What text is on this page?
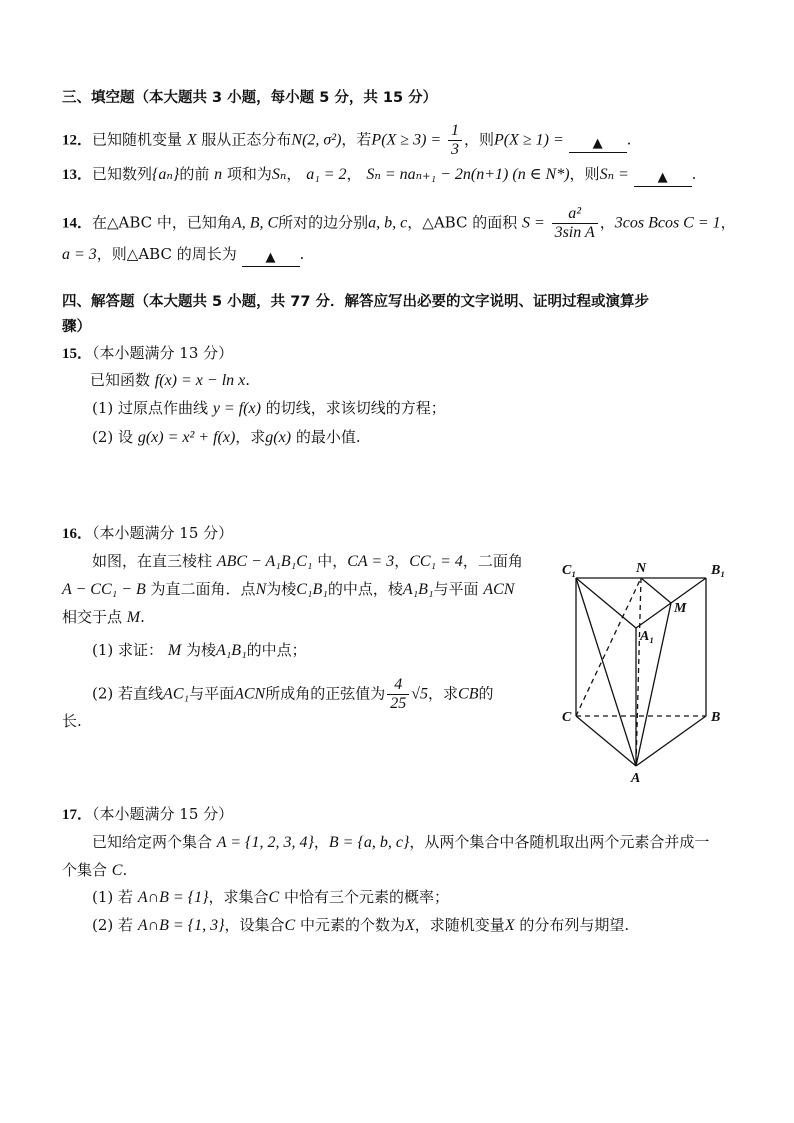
三、填空题（本大题共 3 小题，每小题 5 分，共 15 分）
12．已知随机变量 X 服从正态分布N(2, σ²)，若$P(X \ge 3) = \frac{1}{3}$ ，则P(X ≥ 1) = ▲ .
13．已知数列{aₙ}的前 n 项和为Sₙ， a₁ = 2， Sₙ = naₙ₊₁ − 2n(n+1) (n ∈ N*)，则Sₙ = ▲ .
14．在△ABC 中，已知角A, B, C所对的边分别a, b, c，△ABC 的面积 $S = \frac{\text{a²}}{\text{3sin A}}$ ，3cos Bcos C = 1，
a = 3，则△ABC 的周长为 ▲ .
四、解答题（本大题共 5 小题，共 77 分．解答应写出必要的文字说明、证明过程或演算步
骤）
15．（本小题满分 13 分）
已知函数 f(x) = x − ln x.
(1) 过原点作曲线 y = f(x) 的切线，求该切线的方程；
(2) 设 g(x) = x² + f(x)，求g(x) 的最小值.
16．（本小题满分 15 分）
如图，在直三棱柱 ABC − A₁B₁C₁ 中，CA = 3，CC₁ = 4，二面角
A − CC₁ − B 为直二面角．点N为棱C₁B₁的中点，棱A₁B₁与平面 ACN
相交于点 M.
(1) 求证： M 为棱A₁B₁的中点；
(2) 若直线AC₁与平面ACN所成角的正弦值为 $\frac{4}{25} √5$，求CB的
长.
C₁	N	B₁
M
A₁
C	B
A
17．（本小题满分 15 分）
已知给定两个集合 A = {1, 2, 3, 4}，B = {a, b, c}，从两个集合中各随机取出两个元素合并成一
个集合 C.
(1) 若 A∩B = {1}，求集合C 中恰有三个元素的概率；
(2) 若 A∩B = {1, 3}，设集合C 中元素的个数为X，求随机变量X 的分布列与期望.
